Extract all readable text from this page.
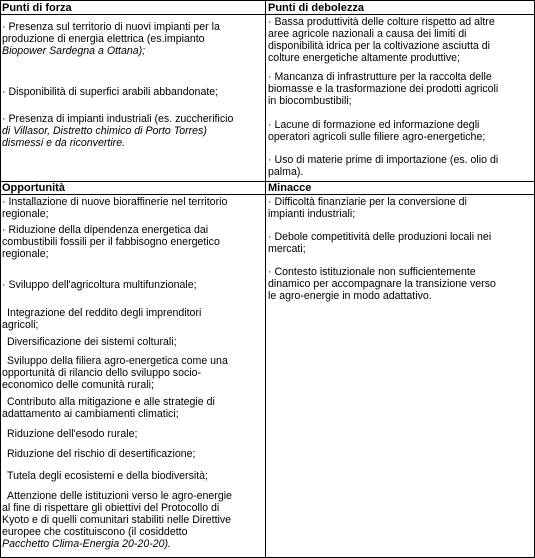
Punti di forza	Punti di debolezza
Opportunità	Minacce
· Presenza sul territorio di nuovi impianti per la
produzione di energia elettrica (es.impianto
Biopower Sardegna a Ottana);
· Disponibilità di superfici arabili abbandonate;
· Presenza di impianti industriali (es. zuccherificio
di Villasor, Distretto chimico di Porto Torres)
dismessi e da riconvertire.
· Bassa produttività delle colture rispetto ad altre
aree agricole nazionali a causa dei limiti di
disponibilità idrica per la coltivazione asciutta di
colture energetiche altamente produttive;
· Mancanza di infrastrutture per la raccolta delle
biomasse e la trasformazione dei prodotti agricoli
in biocombustibili;
· Lacune di formazione ed informazione degli
operatori agricoli sulle filiere agro-energetiche;
· Uso di materie prime di importazione (es. olio di
palma).
· Installazione di nuove bioraffinerie nel territorio
regionale;
· Riduzione della dipendenza energetica dai
combustibili fossili per il fabbisogno energetico
regionale;
· Sviluppo dell'agricoltura multifunzionale;
Integrazione del reddito degli imprenditori
agricoli;
Diversificazione dei sistemi colturali;
Sviluppo della filiera agro-energetica come una
opportunità di rilancio dello sviluppo socio-
economico delle comunità rurali;
Contributo alla mitigazione e alle strategie di
adattamento ai cambiamenti climatici;
Riduzione dell'esodo rurale;
Riduzione del rischio di desertificazione;
Tutela degli ecosistemi e della biodiversità;
Attenzione delle istituzioni verso le agro-energie
al fine di rispettare gli obiettivi del Protocollo di
Kyoto e di quelli comunitari stabiliti nelle Direttive
europee che costituiscono (il cosiddetto
Pacchetto Clima-Energia 20-20-20).
· Difficoltà finanziarie per la conversione di
impianti industriali;
· Debole competitività delle produzioni locali nei
mercati;
· Contesto istituzionale non sufficientemente
dinamico per accompagnare la transizione verso
le agro-energie in modo adattativo.
